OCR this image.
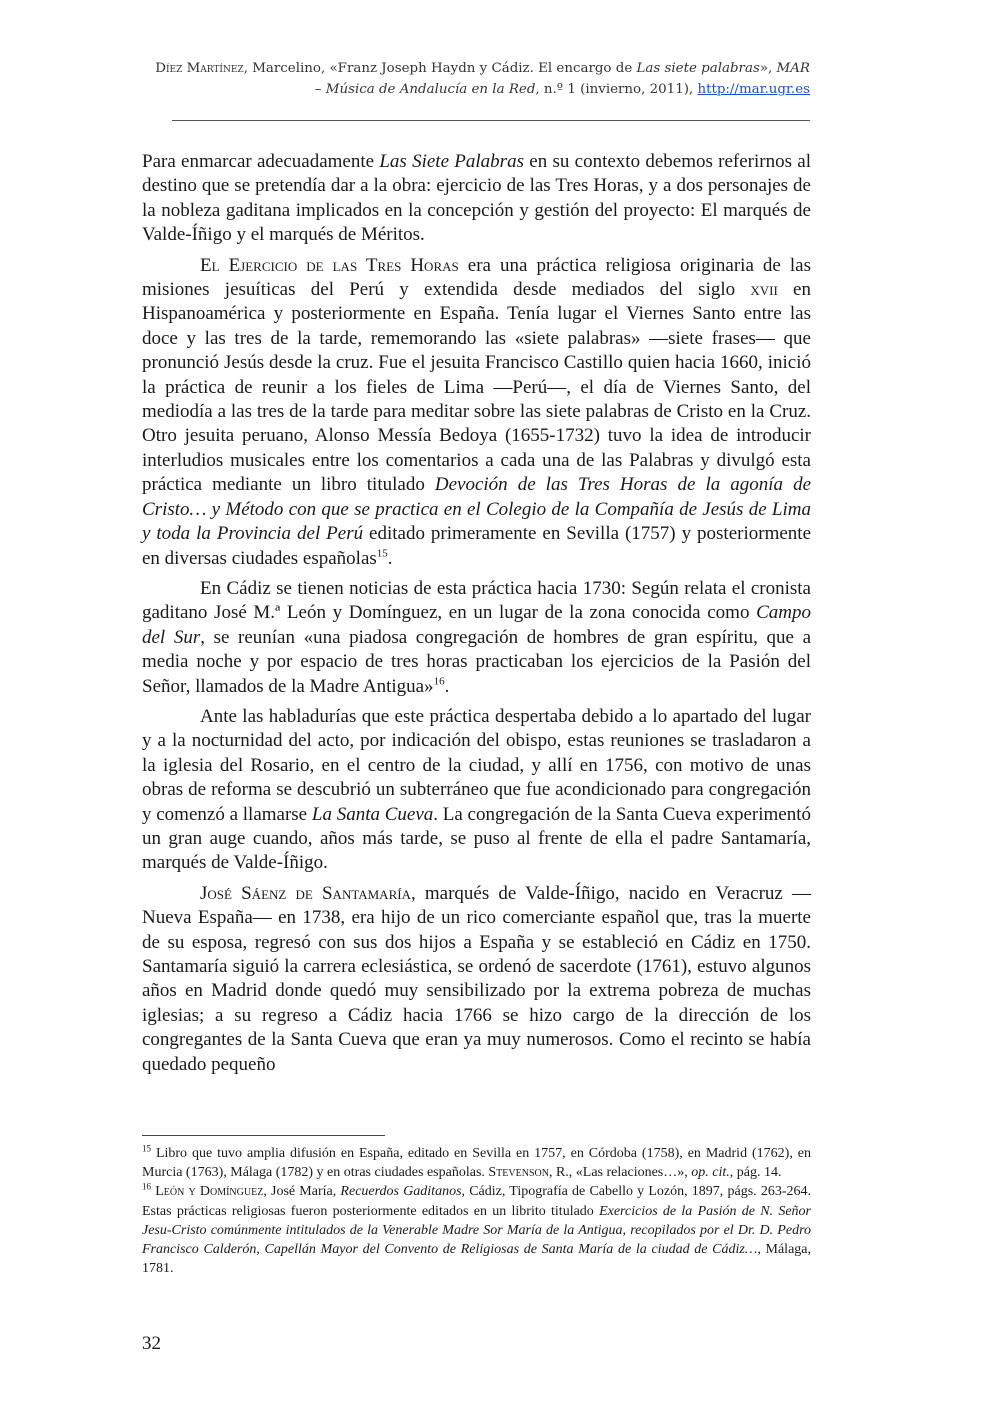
Díez Martínez, Marcelino, «Franz Joseph Haydn y Cádiz. El encargo de Las siete palabras», MAR
– Música de Andalucía en la Red, n.º 1 (invierno, 2011), http://mar.ugr.es

Para enmarcar adecuadamente Las Siete Palabras en su contexto debemos referirnos al destino que se pretendía dar a la obra: ejercicio de las Tres Horas, y a dos personajes de la nobleza gaditana implicados en la concepción y gestión del proyecto: El marqués de Valde-Íñigo y el marqués de Méritos.

El Ejercicio de las Tres Horas era una práctica religiosa originaria de las misiones jesuíticas del Perú y extendida desde mediados del siglo xvii en Hispanoamérica y posteriormente en España. Tenía lugar el Viernes Santo entre las doce y las tres de la tarde, rememorando las «siete palabras» —siete frases— que pronunció Jesús desde la cruz. Fue el jesuita Francisco Castillo quien hacia 1660, inició la práctica de reunir a los fieles de Lima —Perú—, el día de Viernes Santo, del mediodía a las tres de la tarde para meditar sobre las siete palabras de Cristo en la Cruz. Otro jesuita peruano, Alonso Messía Bedoya (1655-1732) tuvo la idea de introducir interludios musicales entre los comentarios a cada una de las Palabras y divulgó esta práctica mediante un libro titulado Devoción de las Tres Horas de la agonía de Cristo… y Método con que se practica en el Colegio de la Compañía de Jesús de Lima y toda la Provincia del Perú editado primeramente en Sevilla (1757) y posteriormente en diversas ciudades españolas$^{15}$.

En Cádiz se tienen noticias de esta práctica hacia 1730: Según relata el cronista gaditano José M.ª León y Domínguez, en un lugar de la zona conocida como Campo del Sur, se reunían «una piadosa congregación de hombres de gran espíritu, que a media noche y por espacio de tres horas practicaban los ejercicios de la Pasión del Señor, llamados de la Madre Antigua»$^{16}$.

Ante las habladurías que este práctica despertaba debido a lo apartado del lugar y a la nocturnidad del acto, por indicación del obispo, estas reuniones se trasladaron a la iglesia del Rosario, en el centro de la ciudad, y allí en 1756, con motivo de unas obras de reforma se descubrió un subterráneo que fue acondicionado para congregación y comenzó a llamarse La Santa Cueva. La congregación de la Santa Cueva experimentó un gran auge cuando, años más tarde, se puso al frente de ella el padre Santamaría, marqués de Valde-Íñigo.

José Sáenz de Santamaría, marqués de Valde-Íñigo, nacido en Veracruz —Nueva España— en 1738, era hijo de un rico comerciante español que, tras la muerte de su esposa, regresó con sus dos hijos a España y se estableció en Cádiz en 1750. Santamaría siguió la carrera eclesiástica, se ordenó de sacerdote (1761), estuvo algunos años en Madrid donde quedó muy sensibilizado por la extrema pobreza de muchas iglesias; a su regreso a Cádiz hacia 1766 se hizo cargo de la dirección de los congregantes de la Santa Cueva que eran ya muy numerosos. Como el recinto se había quedado pequeño

$^{15}$ Libro que tuvo amplia difusión en España, editado en Sevilla en 1757, en Córdoba (1758), en Madrid (1762), en Murcia (1763), Málaga (1782) y en otras ciudades españolas. Stevenson, R., «Las relaciones…», op. cit., pág. 14.

$^{16}$ León y Domínguez, José María, Recuerdos Gaditanos, Cádiz, Tipografía de Cabello y Lozón, 1897, págs. 263-264. Estas prácticas religiosas fueron posteriormente editados en un librito titulado Exercicios de la Pasión de N. Señor Jesu-Cristo comúnmente intitulados de la Venerable Madre Sor María de la Antigua, recopilados por el Dr. D. Pedro Francisco Calderón, Capellán Mayor del Convento de Religiosas de Santa María de la ciudad de Cádiz…, Málaga, 1781.

32
